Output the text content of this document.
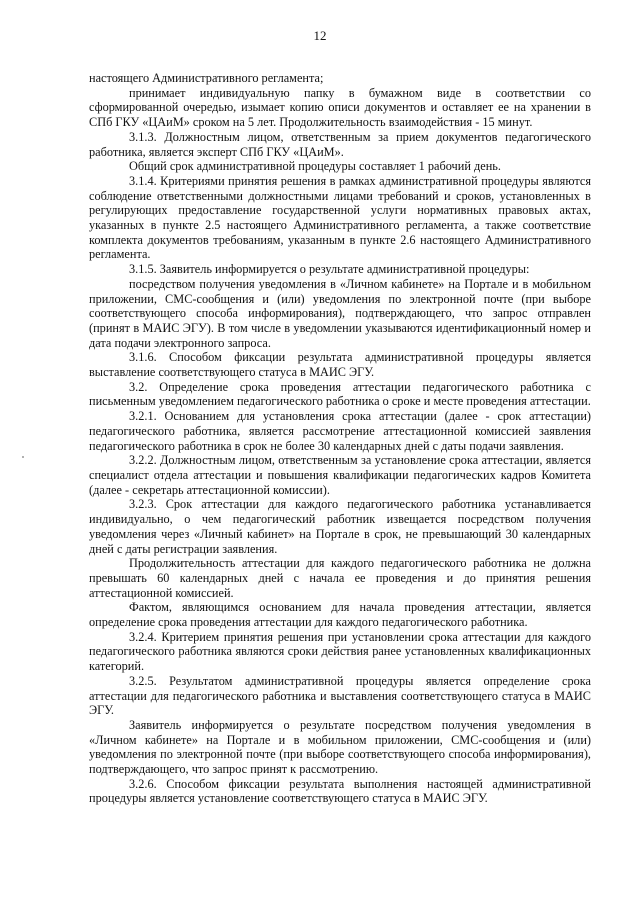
12

настоящего Административного регламента;

принимает индивидуальную папку в бумажном виде в соответствии со сформированной очередью, изымает копию описи документов и оставляет ее на хранении в СПб ГКУ «ЦАиМ» сроком на 5 лет. Продолжительность взаимодействия - 15 минут.

3.1.3. Должностным лицом, ответственным за прием документов педагогического работника, является эксперт СПб ГКУ «ЦАиМ».

Общий срок административной процедуры составляет 1 рабочий день.

3.1.4. Критериями принятия решения в рамках административной процедуры являются соблюдение ответственными должностными лицами требований и сроков, установленных в регулирующих предоставление государственной услуги нормативных правовых актах, указанных в пункте 2.5 настоящего Административного регламента, а также соответствие комплекта документов требованиям, указанным в пункте 2.6 настоящего Административного регламента.

3.1.5. Заявитель информируется о результате административной процедуры:

посредством получения уведомления в «Личном кабинете» на Портале и в мобильном приложении, СМС-сообщения и (или) уведомления по электронной почте (при выборе соответствующего способа информирования), подтверждающего, что запрос отправлен (принят в МАИС ЭГУ). В том числе в уведомлении указываются идентификационный номер и дата подачи электронного запроса.

3.1.6. Способом фиксации результата административной процедуры является выставление соответствующего статуса в МАИС ЭГУ.

3.2. Определение срока проведения аттестации педагогического работника с письменным уведомлением педагогического работника о сроке и месте проведения аттестации.

3.2.1. Основанием для установления срока аттестации (далее - срок аттестации) педагогического работника, является рассмотрение аттестационной комиссией заявления педагогического работника в срок не более 30 календарных дней с даты подачи заявления.

3.2.2. Должностным лицом, ответственным за установление срока аттестации, является специалист отдела аттестации и повышения квалификации педагогических кадров Комитета (далее - секретарь аттестационной комиссии).

3.2.3. Срок аттестации для каждого педагогического работника устанавливается индивидуально, о чем педагогический работник извещается посредством получения уведомления через «Личный кабинет» на Портале в срок, не превышающий 30 календарных дней с даты регистрации заявления.

Продолжительность аттестации для каждого педагогического работника не должна превышать 60 календарных дней с начала ее проведения и до принятия решения аттестационной комиссией.

Фактом, являющимся основанием для начала проведения аттестации, является определение срока проведения аттестации для каждого педагогического работника.

3.2.4. Критерием принятия решения при установлении срока аттестации для каждого педагогического работника являются сроки действия ранее установленных квалификационных категорий.

3.2.5. Результатом административной процедуры является определение срока аттестации для педагогического работника и выставления соответствующего статуса в МАИС ЭГУ.

Заявитель информируется о результате посредством получения уведомления в «Личном кабинете» на Портале и в мобильном приложении, СМС-сообщения и (или) уведомления по электронной почте (при выборе соответствующего способа информирования), подтверждающего, что запрос принят к рассмотрению.

3.2.6. Способом фиксации результата выполнения настоящей административной процедуры является установление соответствующего статуса в МАИС ЭГУ.
